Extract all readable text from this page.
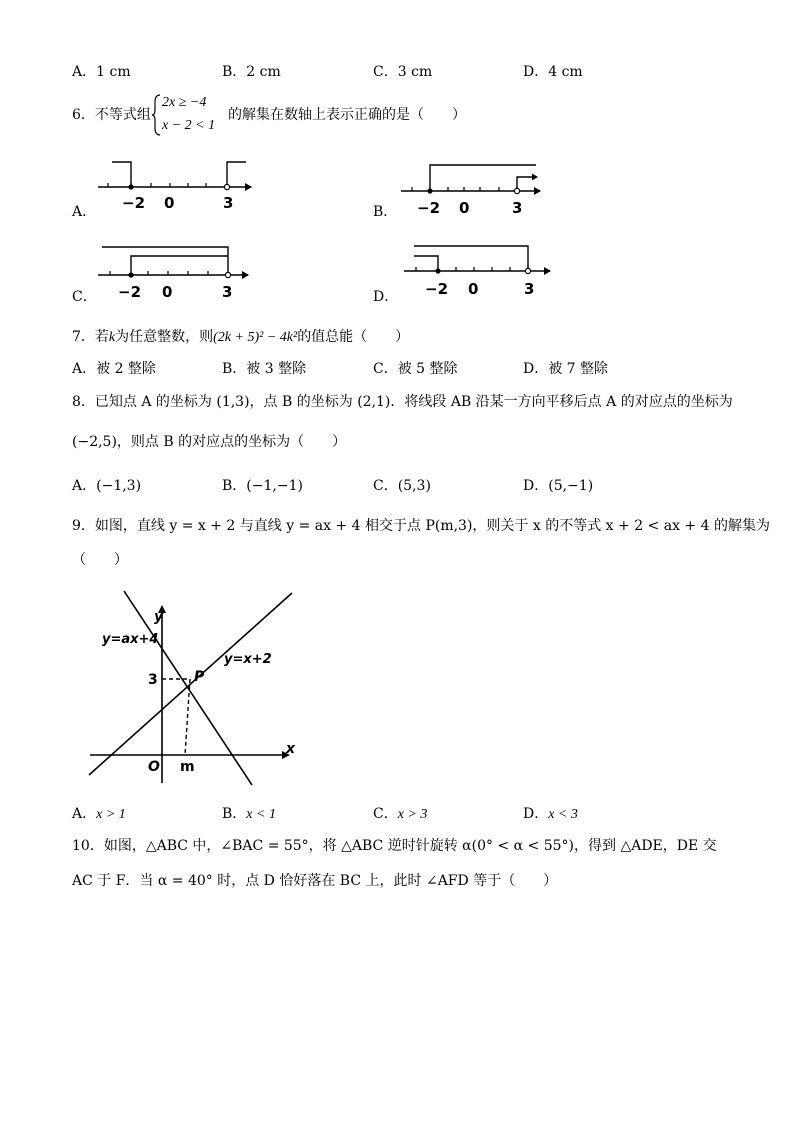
A．1 cm	B．2 cm	C．3 cm	D．4 cm
6．不等式组
2x ≥ −4
x − 2 < 1
的解集在数轴上表示正确的是（　　）
A． −2 0	3	B． −2 0	3
C． −2 0	3	D． −2 0	3
7．若k为任意整数，则(2k + 5)² − 4k²的值总能（　　）
A．被 2 整除	B．被 3 整除	C．被 5 整除	D．被 7 整除
8．已知点 A 的坐标为 (1,3)，点 B 的坐标为 (2,1)．将线段 AB 沿某一方向平移后点 A 的对应点的坐标为
(−2,5)，则点 B 的对应点的坐标为（　　）
A．(−1,3)	B．(−1,−1)	C．(5,3)	D．(5,−1)
9．如图，直线 y = x + 2 与直线 y = ax + 4 相交于点 P(m,3)，则关于 x 的不等式 x + 2 < ax + 4 的解集为
（　　）
y=ax+4
y=x+2
y
x
O m
3	P
A．x > 1	B．x < 1	C．x > 3	D．x < 3
10．如图，△ABC 中，∠BAC = 55°，将 △ABC 逆时针旋转 α(0° < α < 55°)，得到 △ADE，DE 交
AC 于 F．当 α = 40° 时，点 D 恰好落在 BC 上，此时 ∠AFD 等于（　　）
